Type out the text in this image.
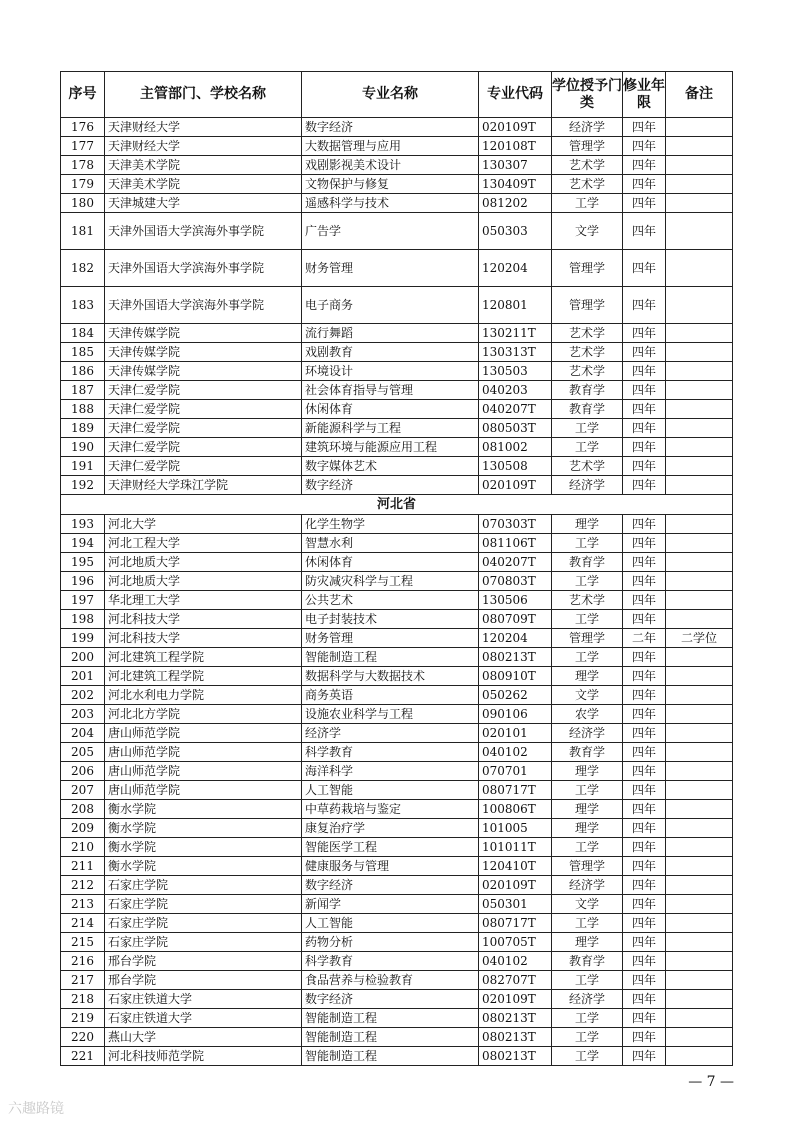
序号	主管部门、学校名称	专业名称	专业代码	学位授予门类	修业年限	备注
176	天津财经大学	数字经济	020109T	经济学	四年	
177	天津财经大学	大数据管理与应用	120108T	管理学	四年	
178	天津美术学院	戏剧影视美术设计	130307	艺术学	四年	
179	天津美术学院	文物保护与修复	130409T	艺术学	四年	
180	天津城建大学	遥感科学与技术	081202	工学	四年	
181	天津外国语大学滨海外事学院	广告学	050303	文学	四年	
182	天津外国语大学滨海外事学院	财务管理	120204	管理学	四年	
183	天津外国语大学滨海外事学院	电子商务	120801	管理学	四年	
184	天津传媒学院	流行舞蹈	130211T	艺术学	四年	
185	天津传媒学院	戏剧教育	130313T	艺术学	四年	
186	天津传媒学院	环境设计	130503	艺术学	四年	
187	天津仁爱学院	社会体育指导与管理	040203	教育学	四年	
188	天津仁爱学院	休闲体育	040207T	教育学	四年	
189	天津仁爱学院	新能源科学与工程	080503T	工学	四年	
190	天津仁爱学院	建筑环境与能源应用工程	081002	工学	四年	
191	天津仁爱学院	数字媒体艺术	130508	艺术学	四年	
192	天津财经大学珠江学院	数字经济	020109T	经济学	四年	
河北省						
193	河北大学	化学生物学	070303T	理学	四年	
194	河北工程大学	智慧水利	081106T	工学	四年	
195	河北地质大学	休闲体育	040207T	教育学	四年	
196	河北地质大学	防灾减灾科学与工程	070803T	工学	四年	
197	华北理工大学	公共艺术	130506	艺术学	四年	
198	河北科技大学	电子封装技术	080709T	工学	四年	
199	河北科技大学	财务管理	120204	管理学	二年	二学位
200	河北建筑工程学院	智能制造工程	080213T	工学	四年	
201	河北建筑工程学院	数据科学与大数据技术	080910T	理学	四年	
202	河北水利电力学院	商务英语	050262	文学	四年	
203	河北北方学院	设施农业科学与工程	090106	农学	四年	
204	唐山师范学院	经济学	020101	经济学	四年	
205	唐山师范学院	科学教育	040102	教育学	四年	
206	唐山师范学院	海洋科学	070701	理学	四年	
207	唐山师范学院	人工智能	080717T	工学	四年	
208	衡水学院	中草药栽培与鉴定	100806T	理学	四年	
209	衡水学院	康复治疗学	101005	理学	四年	
210	衡水学院	智能医学工程	101011T	工学	四年	
211	衡水学院	健康服务与管理	120410T	管理学	四年	
212	石家庄学院	数字经济	020109T	经济学	四年	
213	石家庄学院	新闻学	050301	文学	四年	
214	石家庄学院	人工智能	080717T	工学	四年	
215	石家庄学院	药物分析	100705T	理学	四年	
216	邢台学院	科学教育	040102	教育学	四年	
217	邢台学院	食品营养与检验教育	082707T	工学	四年	
218	石家庄铁道大学	数字经济	020109T	经济学	四年	
219	石家庄铁道大学	智能制造工程	080213T	工学	四年	
220	燕山大学	智能制造工程	080213T	工学	四年	
221	河北科技师范学院	智能制造工程	080213T	工学	四年	
— 7 —
六趣路镜
